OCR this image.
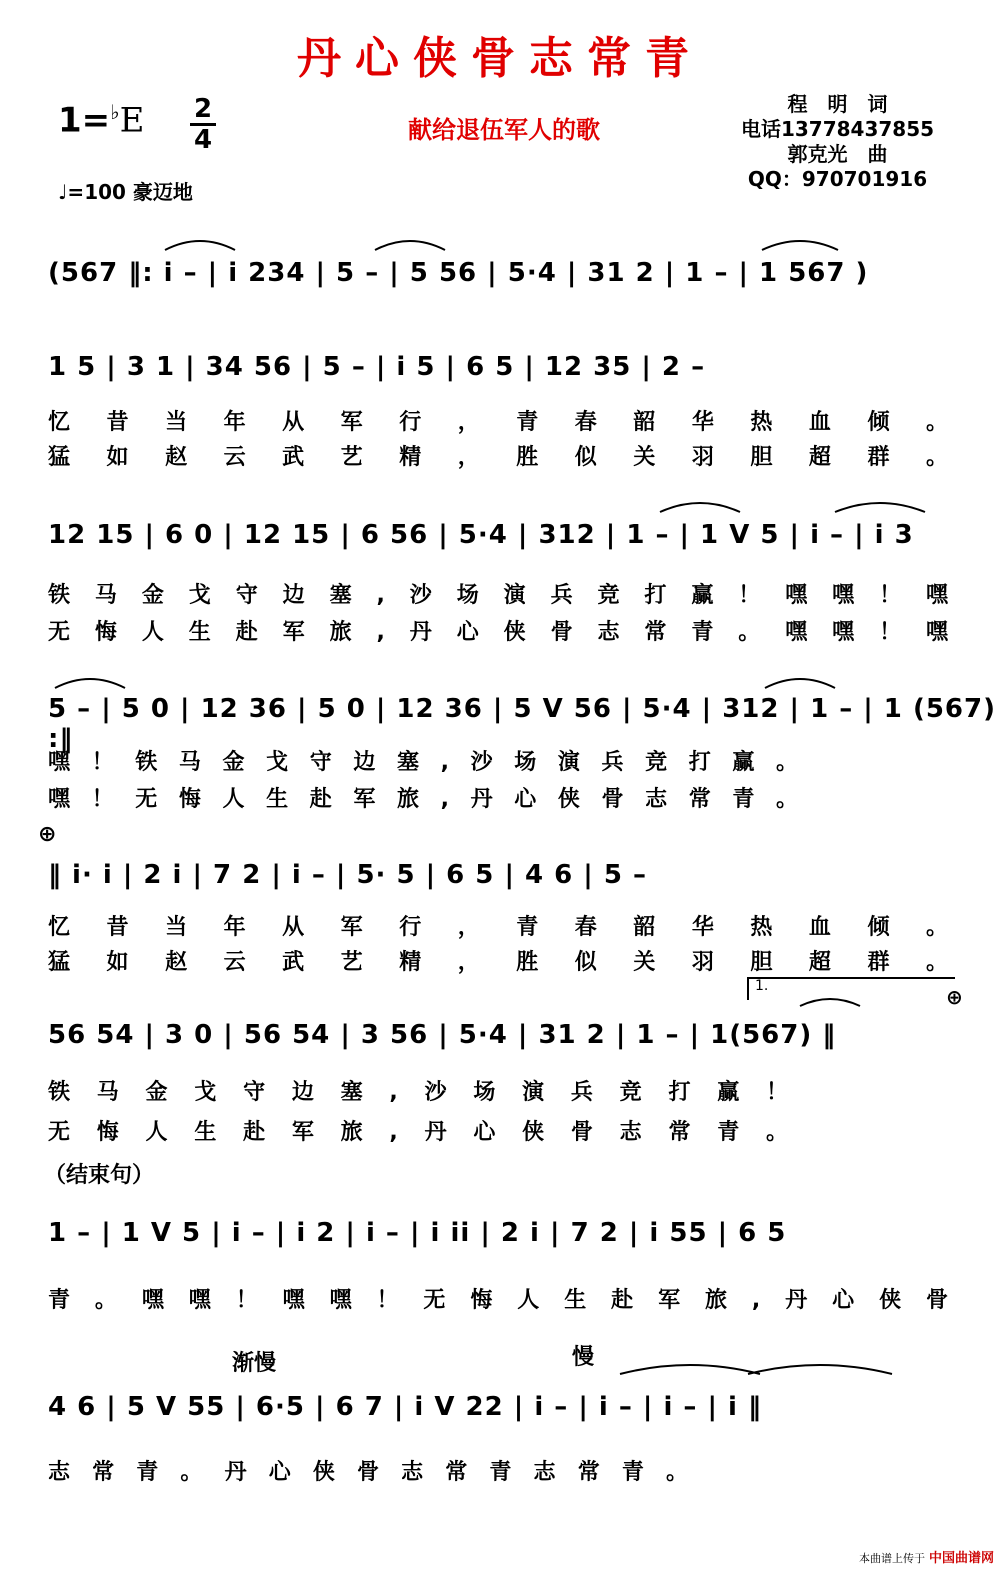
丹心侠骨志常青
1=♭E 2
4	献给退伍军人的歌
程　明　词
电话13778437855
郭克光　曲
QQ：970701916
♩=100 豪迈地
(567 ‖: i – | i 234 | 5 – | 5 56 | 5·4 | 31 2 | 1 – | 1 567 )
1 5 | 3 1 | 34 56 | 5 – | i 5 | 6 5 | 12 35 | 2 –
忆昔当年从军行，青春韶华热血倾。
猛如赵云武艺精，胜似关羽胆超群。
12 15 | 6 0 | 12 15 | 6 56 | 5·4 | 312 | 1 – | 1 V 5 | i – | i 3
铁马金戈守边塞,沙场演兵竞打赢！嘿嘿！嘿
无悔人生赴军旅,丹心侠骨志常青。嘿嘿！嘿
5 – | 5 0 | 12 36 | 5 0 | 12 36 | 5 V 56 | 5·4 | 312 | 1 – | 1 (567) :‖
嘿！铁马金戈守边塞,沙场演兵竞打赢。
嘿！无悔人生赴军旅,丹心侠骨志常青。
⊕
‖ i· i | 2 i | 7 2 | i – | 5· 5 | 6 5 | 4 6 | 5 –
忆昔当年从军行，青春韶华热血倾。
猛如赵云武艺精，胜似关羽胆超群。
1.	⊕
56 54 | 3 0 | 56 54 | 3 56 | 5·4 | 31 2 | 1 – | 1(567) ‖
铁马金戈守边塞,沙场演兵竞打赢！
无悔人生赴军旅,丹心侠骨志常青。
（结束句）
1 – | 1 V 5 | i – | i 2 | i – | i ii | 2 i | 7 2 | i 55 | 6 5
青。嘿嘿！嘿嘿！无悔人生赴军旅,丹心侠骨
渐慢	慢
4 6 | 5 V 55 | 6·5 | 6 7 | i V 22 | i – | i – | i – | i ‖
志常青。丹心侠骨志常青志常青。
本曲谱上传于 中国曲谱网
